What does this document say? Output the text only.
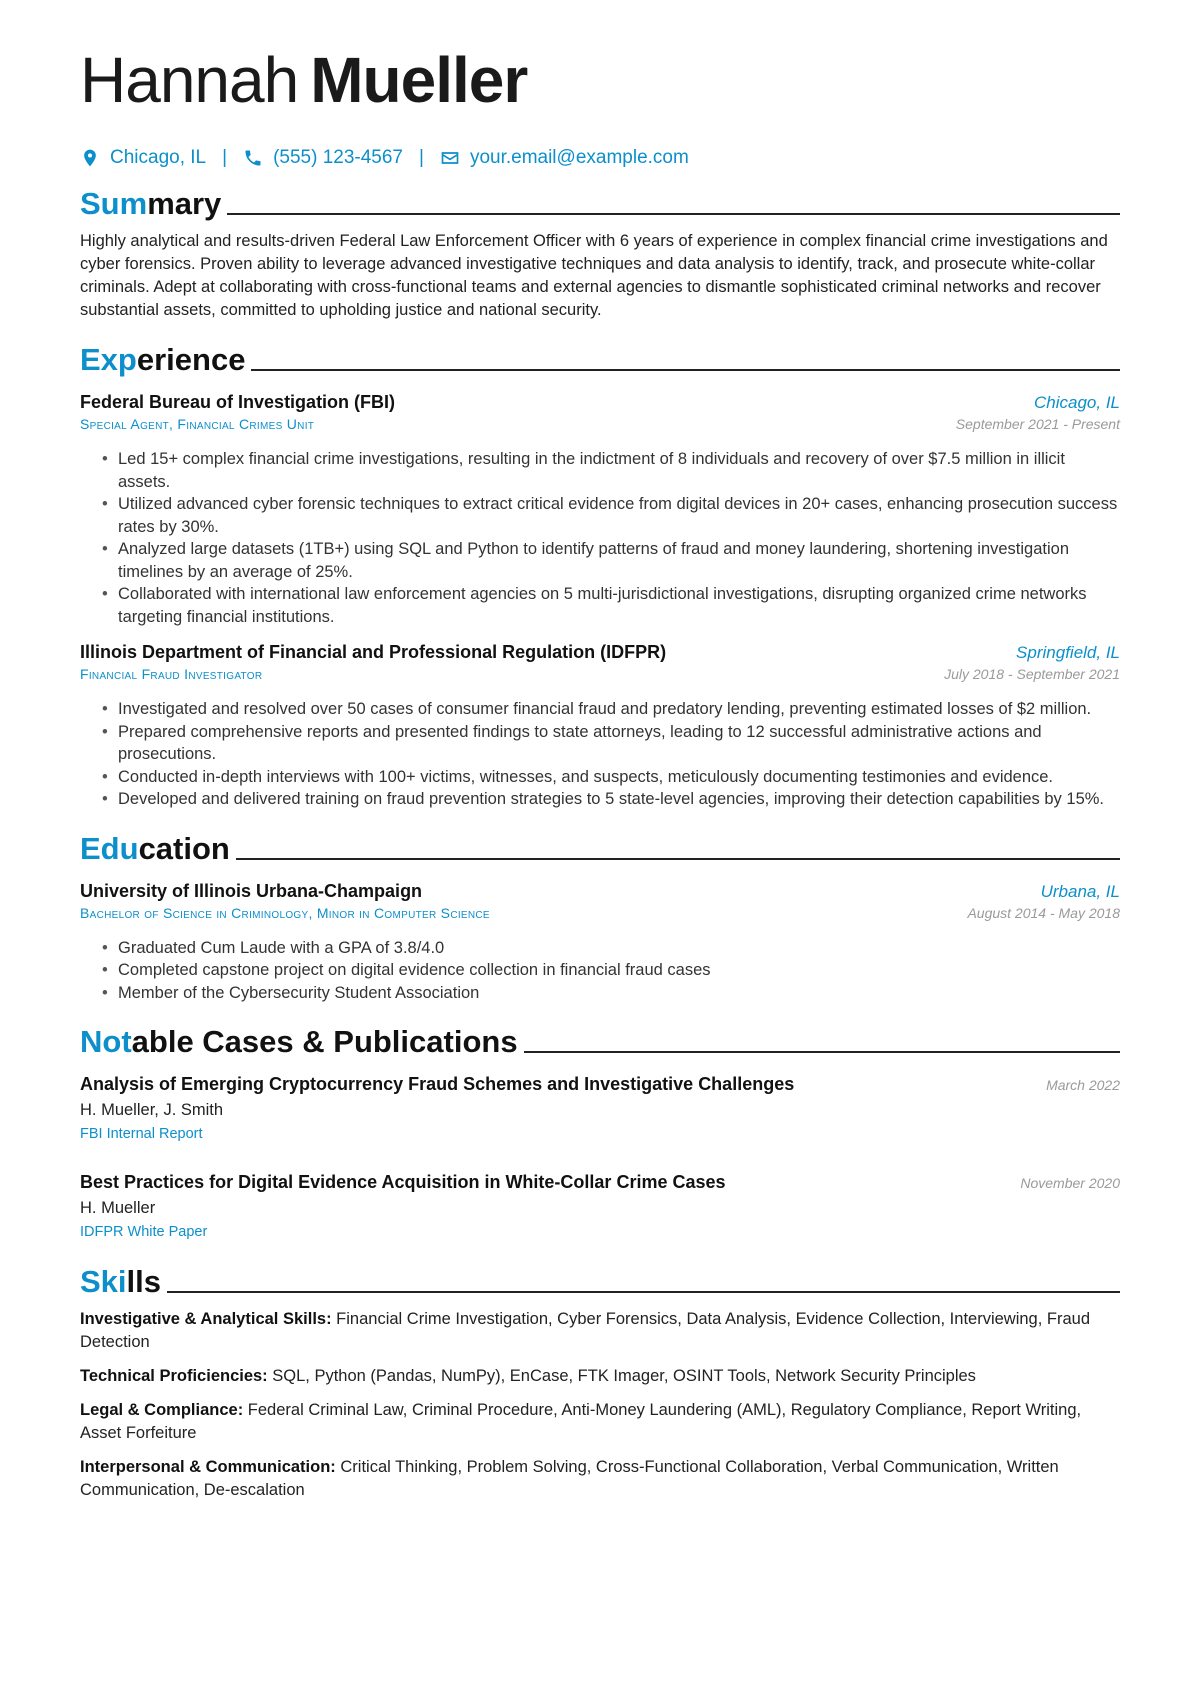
Hannah Mueller
Chicago, IL | (555) 123-4567 | your.email@example.com
Summary

Highly analytical and results-driven Federal Law Enforcement Officer with 6 years of experience in complex financial crime investigations and cyber forensics. Proven ability to leverage advanced investigative techniques and data analysis to identify, track, and prosecute white-collar criminals. Adept at collaborating with cross-functional teams and external agencies to dismantle sophisticated criminal networks and recover substantial assets, committed to upholding justice and national security.

Experience
Federal Bureau of Investigation (FBI)	Chicago, IL
Special Agent, Financial Crimes Unit	September 2021 - Present
• Led 15+ complex financial crime investigations, resulting in the indictment of 8 individuals and recovery of over $7.5 million in illicit assets.
• Utilized advanced cyber forensic techniques to extract critical evidence from digital devices in 20+ cases, enhancing prosecution success rates by 30%.
• Analyzed large datasets (1TB+) using SQL and Python to identify patterns of fraud and money laundering, shortening investigation timelines by an average of 25%.
• Collaborated with international law enforcement agencies on 5 multi-jurisdictional investigations, disrupting organized crime networks targeting financial institutions.
Illinois Department of Financial and Professional Regulation (IDFPR)	Springfield, IL
Financial Fraud Investigator	July 2018 - September 2021
• Investigated and resolved over 50 cases of consumer financial fraud and predatory lending, preventing estimated losses of $2 million.
• Prepared comprehensive reports and presented findings to state attorneys, leading to 12 successful administrative actions and prosecutions.
• Conducted in-depth interviews with 100+ victims, witnesses, and suspects, meticulously documenting testimonies and evidence.
• Developed and delivered training on fraud prevention strategies to 5 state-level agencies, improving their detection capabilities by 15%.
Education
University of Illinois Urbana-Champaign	Urbana, IL
Bachelor of Science in Criminology, Minor in Computer Science	August 2014 - May 2018
• Graduated Cum Laude with a GPA of 3.8/4.0
• Completed capstone project on digital evidence collection in financial fraud cases
• Member of the Cybersecurity Student Association
Notable Cases & Publications
Analysis of Emerging Cryptocurrency Fraud Schemes and Investigative Challenges	March 2022
H. Mueller, J. Smith
FBI Internal Report
Best Practices for Digital Evidence Acquisition in White-Collar Crime Cases	November 2020
H. Mueller
IDFPR White Paper
Skills

Investigative & Analytical Skills: Financial Crime Investigation, Cyber Forensics, Data Analysis, Evidence Collection, Interviewing, Fraud Detection

Technical Proficiencies: SQL, Python (Pandas, NumPy), EnCase, FTK Imager, OSINT Tools, Network Security Principles

Legal & Compliance: Federal Criminal Law, Criminal Procedure, Anti-Money Laundering (AML), Regulatory Compliance, Report Writing, Asset Forfeiture

Interpersonal & Communication: Critical Thinking, Problem Solving, Cross-Functional Collaboration, Verbal Communication, Written Communication, De-escalation
